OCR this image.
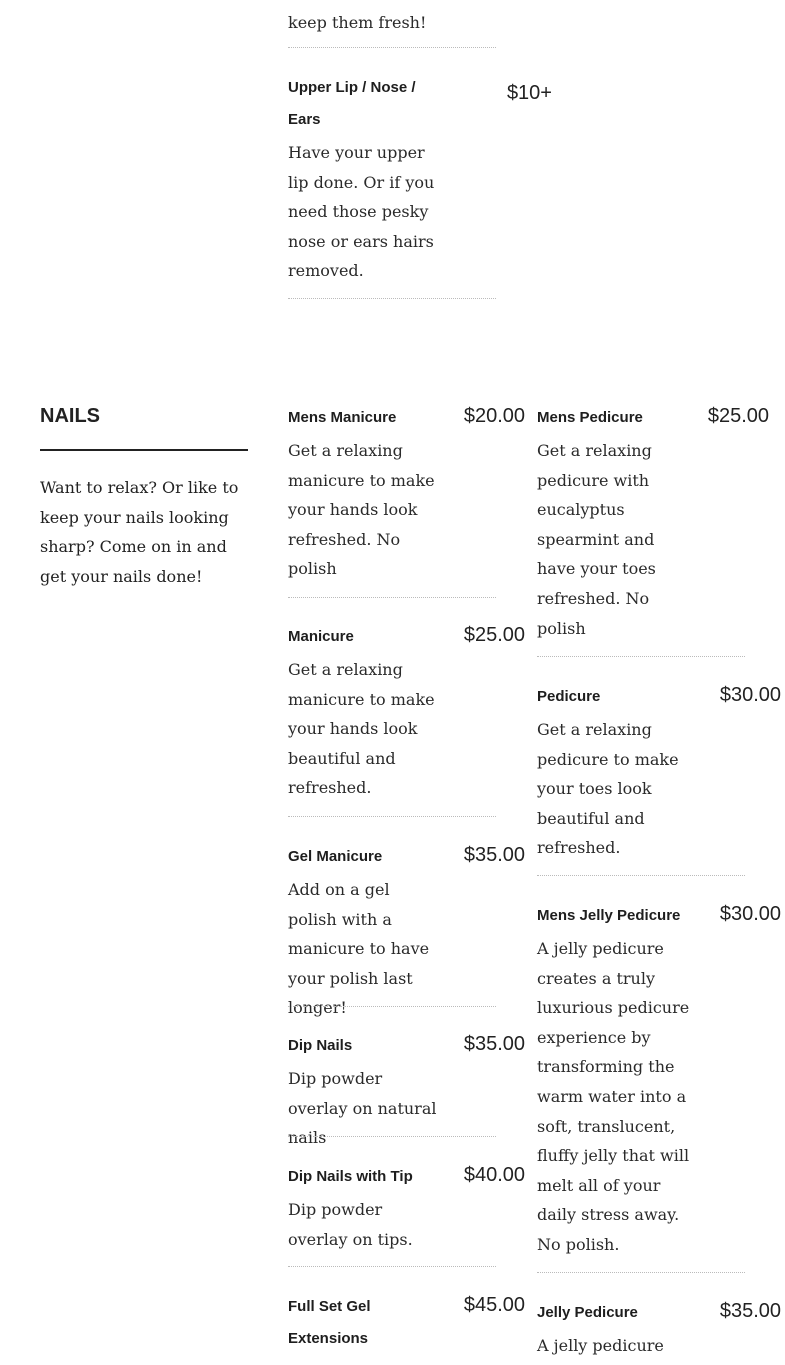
keep them fresh!
Upper Lip / Nose / Ears
$10+
Have your upper lip done. Or if you need those pesky nose or ears hairs removed.
NAILS
Want to relax? Or like to keep your nails looking sharp? Come on in and get your nails done!
Mens Manicure	$20.00
Get a relaxing manicure to make your hands look refreshed. No polish
Manicure	$25.00
Get a relaxing manicure to make your hands look beautiful and refreshed.
Gel Manicure	$35.00
Add on a gel polish with a manicure to have your polish last longer!
Dip Nails	$35.00
Dip powder overlay on natural nails
Dip Nails with Tip	$40.00
Dip powder overlay on tips.
Full Set Gel Extensions
$45.00
Mens Pedicure	$25.00
Get a relaxing pedicure with eucalyptus spearmint and have your toes refreshed. No polish
Pedicure	$30.00
Get a relaxing pedicure to make your toes look beautiful and refreshed.
Mens Jelly Pedicure	$30.00
A jelly pedicure creates a truly luxurious pedicure experience by transforming the warm water into a soft, translucent, fluffy jelly that will melt all of your daily stress away. No polish.
Jelly Pedicure	$35.00
A jelly pedicure
